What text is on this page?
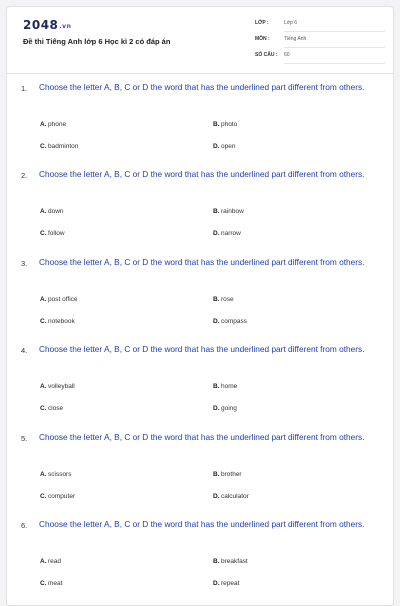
2048.vn
Đề thi Tiếng Anh lớp 6 Học kì 2 có đáp án
LỚP :	Lớp 6
MÔN :	Tiếng Anh
SỐ CÂU : 60
1. Choose the letter A, B, C or D the word that has the underlined part different from others.
A. phone	B. photo
C. badminton	D. open
2. Choose the letter A, B, C or D the word that has the underlined part different from others.
A. down	B. rainbow
C. follow	D. narrow
3. Choose the letter A, B, C or D the word that has the underlined part different from others.
A. post office	B. rose
C. notebook	D. compass
4. Choose the letter A, B, C or D the word that has the underlined part different from others.
A. volleyball	B. home
C. close	D. going
5. Choose the letter A, B, C or D the word that has the underlined part different from others.
A. scissors	B. brother
C. computer	D. calculator
6. Choose the letter A, B, C or D the word that has the underlined part different from others.
A. read	B. breakfast
C. meat	D. repeat
